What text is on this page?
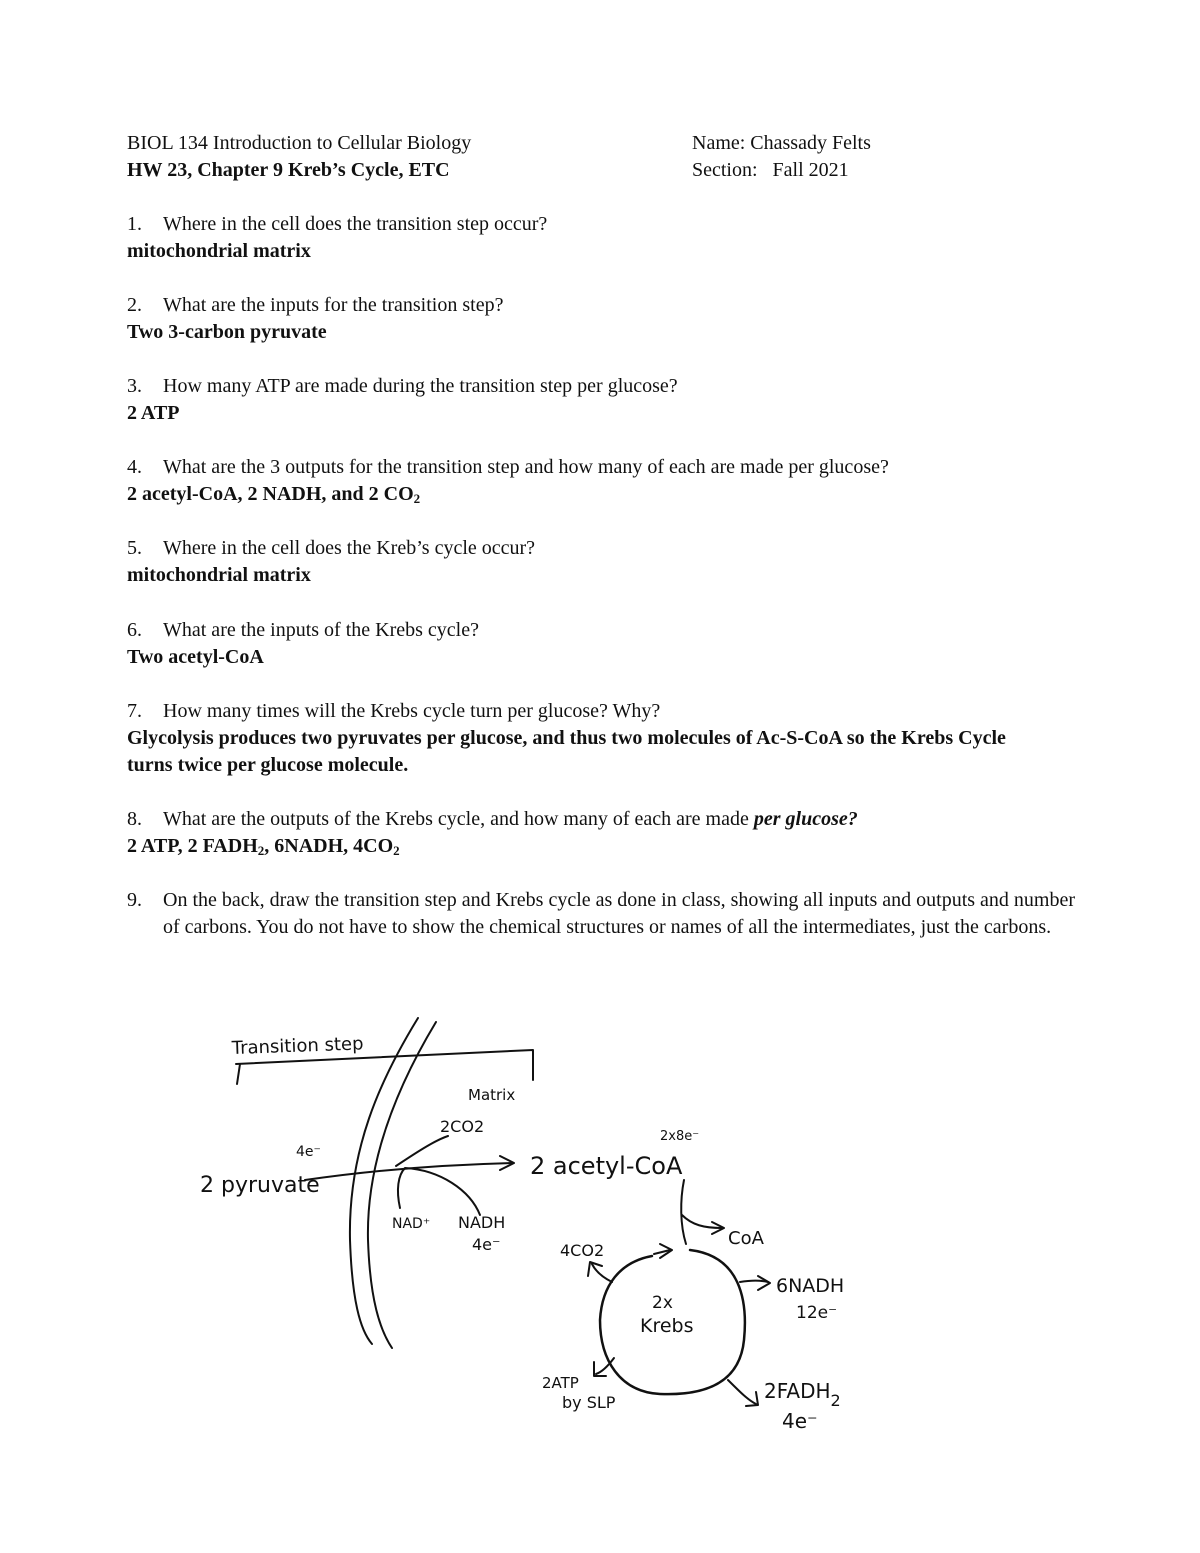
BIOL 134 Introduction to Cellular Biology
HW 23, Chapter 9 Kreb’s Cycle, ETC
Name: Chassady Felts
Section: Fall 2021
1.	Where in the cell does the transition step occur?
mitochondrial matrix
2.	What are the inputs for the transition step?
Two 3-carbon pyruvate
3.	How many ATP are made during the transition step per glucose?
2 ATP
4.	What are the 3 outputs for the transition step and how many of each are made per glucose?
2 acetyl-CoA, 2 NADH, and 2 $CO_2$
5.	Where in the cell does the Kreb’s cycle occur?
mitochondrial matrix
6.	What are the inputs of the Krebs cycle?
Two acetyl-CoA
7.	How many times will the Krebs cycle turn per glucose? Why?
Glycolysis produces two pyruvates per glucose, and thus two molecules of Ac-S-CoA so the Krebs Cycle turns twice per glucose molecule.
8.	What are the outputs of the Krebs cycle, and how many of each are made per glucose?
2 ATP, 2 $FADH_2$, 6NADH, $4CO_2$
9.	On the back, draw the transition step and Krebs cycle as done in class, showing all inputs and outputs and number of carbons. You do not have to show the chemical structures or names of all the intermediates, just the carbons.
Transition step
Matrix
2 pyruvate
4e⁻
2CO2
NAD⁺ NADH
4e⁻
2 acetyl-CoA
2x8e⁻
CoA
2x
Krebs
4CO2
6NADH
12e⁻
2ATP
by SLP	$2FADH_2$
4e⁻
